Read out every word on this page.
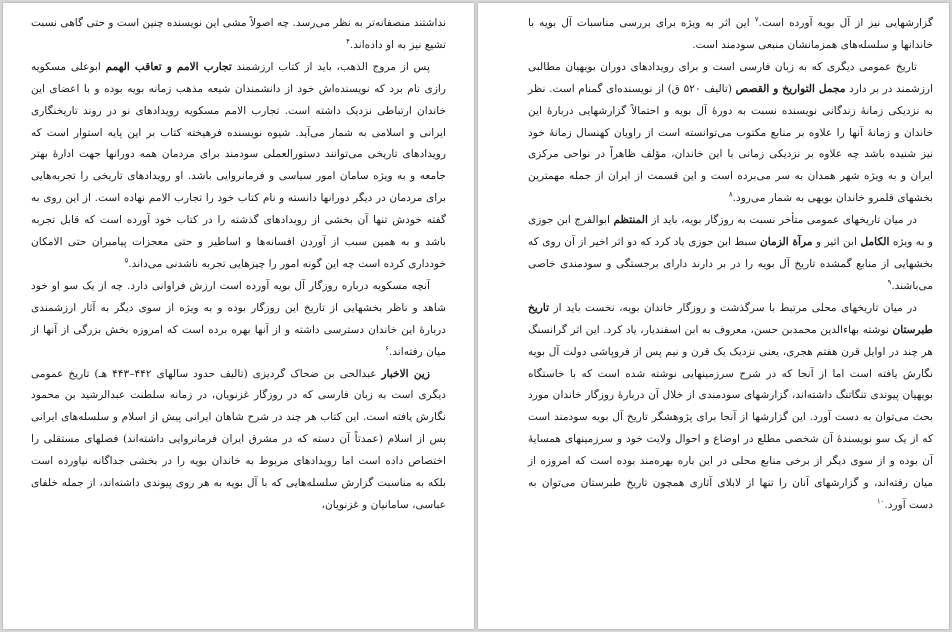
نداشتند منصفانه‌تر به نظر می‌رسد. چه اصولاً مشی این نویسنده چنین است و حتی گاهی نسبت تشیع نیز به او داده‌اند.$^۴$

پس از مروج الذهب، باید از کتاب ارزشمند تجارب الامم و تعاقب الهمم ابوعلی مسکویه رازی نام برد که نویسنده‌اش خود از دانشمندان شیعه مذهب زمانه بویه بوده و با اعضای این خاندان ارتباطی نزدیک داشته است. تجارب الامم مسکویه رویدادهای نو در روند تاریخنگاری ایرانی و اسلامی به شمار می‌آید. شیوه نویسنده فرهیخته کتاب بر این پایه استوار است که رویدادهای تاریخی می‌توانند دستورالعملی سودمند برای مردمان همه دورانها جهت ادارهٔ بهتر جامعه و به ویژه سامان امور سیاسی و فرمانروایی باشد. او رویدادهای تاریخی را تجربه‌هایی برای مردمان در دیگر دورانها دانسته و نام کتاب خود را تجارب الامم نهاده است. از این روی به گفته خودش تنها آن بخشی از رویدادهای گذشته را در کتاب خود آورده است که قابل تجربه باشد و به همین سبب از آوردن افسانه‌ها و اساطیر و حتی معجزات پیامبران حتی الامکان خودداری کرده است چه این گونه امور را چیزهایی تجربه ناشدنی می‌داند.$^۵$

آنچه مسکویه درباره روزگار آل بویه آورده است ارزش فراوانی دارد. چه از یک سو او خود شاهد و ناظر بخشهایی از تاریخ این روزگار بوده و به ویژه از سوی دیگر به آثار ارزشمندی دربارهٔ این خاندان دسترسی داشته و از آنها بهره برده است که امروزه بخش بزرگی از آنها از میان رفته‌اند.$^۶$

زین الاخبار عبدالحی بن ضحاک گردیزی (تالیف حدود سالهای ۴۴۲–۴۴۳ هـ) تاریخ عمومی دیگری است به زبان فارسی که در روزگار غزنویان، در زمانه سلطنت عبدالرشید بن محمود نگارش یافته است. این کتاب هر چند در شرح شاهان ایرانی پیش از اسلام و سلسله‌های ایرانی پس از اسلام (عمدتاً آن دسته که در مشرق ایران فرمانروایی داشته‌اند) فصلهای مستقلی را اختصاص داده است اما رویدادهای مربوط به خاندان بویه را در بخشی جداگانه نیاورده است بلکه به مناسبت گزارش سلسله‌هایی که با آل بویه به هر روی پیوندی داشته‌اند، از جمله خلفای عباسی، سامانیان و غزنویان،

گزارشهایی نیز از آل بویه آورده است.$^۷$ این اثر به ویژه برای بررسی مناسبات آل بویه با خاندانها و سلسله‌های همزمانشان منبعی سودمند است.

تاریخ عمومی دیگری که به زبان فارسی است و برای رویدادهای دوران بویهیان مطالبی ارزشمند در بر دارد مجمل التواریخ و القصص (تالیف ۵۲۰ ق) از نویسنده‌ای گمنام است. نظر به نزدیکی زمانهٔ زندگانی نویسنده نسبت به دورهٔ آل بویه و احتمالاً گزارشهایی دربارهٔ این خاندان و زمانهٔ آنها را علاوه بر منابع مکتوب می‌توانسته است از راویان کهنسال زمانهٔ خود نیز شنیده باشد چه علاوه بر نزدیکی زمانی با این خاندان، مؤلف ظاهراً در نواحی مرکزی ایران و به ویژه شهر همدان به سر می‌برده است و این قسمت از ایران از جمله مهمترین بخشهای قلمرو خاندان بویهی به شمار می‌رود.$^۸$

در میان تاریخهای عمومی متأخر نسبت به روزگار بویه، باید از المنتظم ابوالفرج ابن جوزی و به ویژه الکامل ابن اثیر و مرآة الزمان سبط ابن جوزی یاد کرد که دو اثر اخیر از آن روی که بخشهایی از منابع گمشده تاریخ آل بویه را در بر دارند دارای برجستگی و سودمندی خاصی می‌باشند.$^۹$

در میان تاریخهای محلی مرتبط با سرگذشت و روزگار خاندان بویه، نخست باید از تاریخ طبرستان نوشته بهاءالدین محمدبن حسن، معروف به ابن اسفندیار، یاد کرد. این اثر گرانسنگ هر چند در اوایل قرن هفتم هجری، یعنی نزدیک یک قرن و نیم پس از فروپاشی دولت آل بویه نگارش یافته است اما از آنجا که در شرح سرزمینهایی نوشته شده است که با خاستگاه بویهیان پیوندی تنگاتنگ داشته‌اند، گزارشهای سودمندی از خلال آن دربارهٔ روزگار خاندان مورد بحث می‌توان به دست آورد. این گزارشها از آنجا برای پژوهشگر تاریخ آل بویه سودمند است که از یک سو نویسندهٔ آن شخصی مطلع در اوضاع و احوال ولایت خود و سرزمینهای همسایهٔ آن بوده و از سوی دیگر از برخی منابع محلی در این باره بهره‌مند بوده است که امروزه از میان رفته‌اند، و گزارشهای آنان را تنها از لابلای آثاری همچون تاریخ طبرستان می‌توان به دست آورد.$^{۱۰}$
